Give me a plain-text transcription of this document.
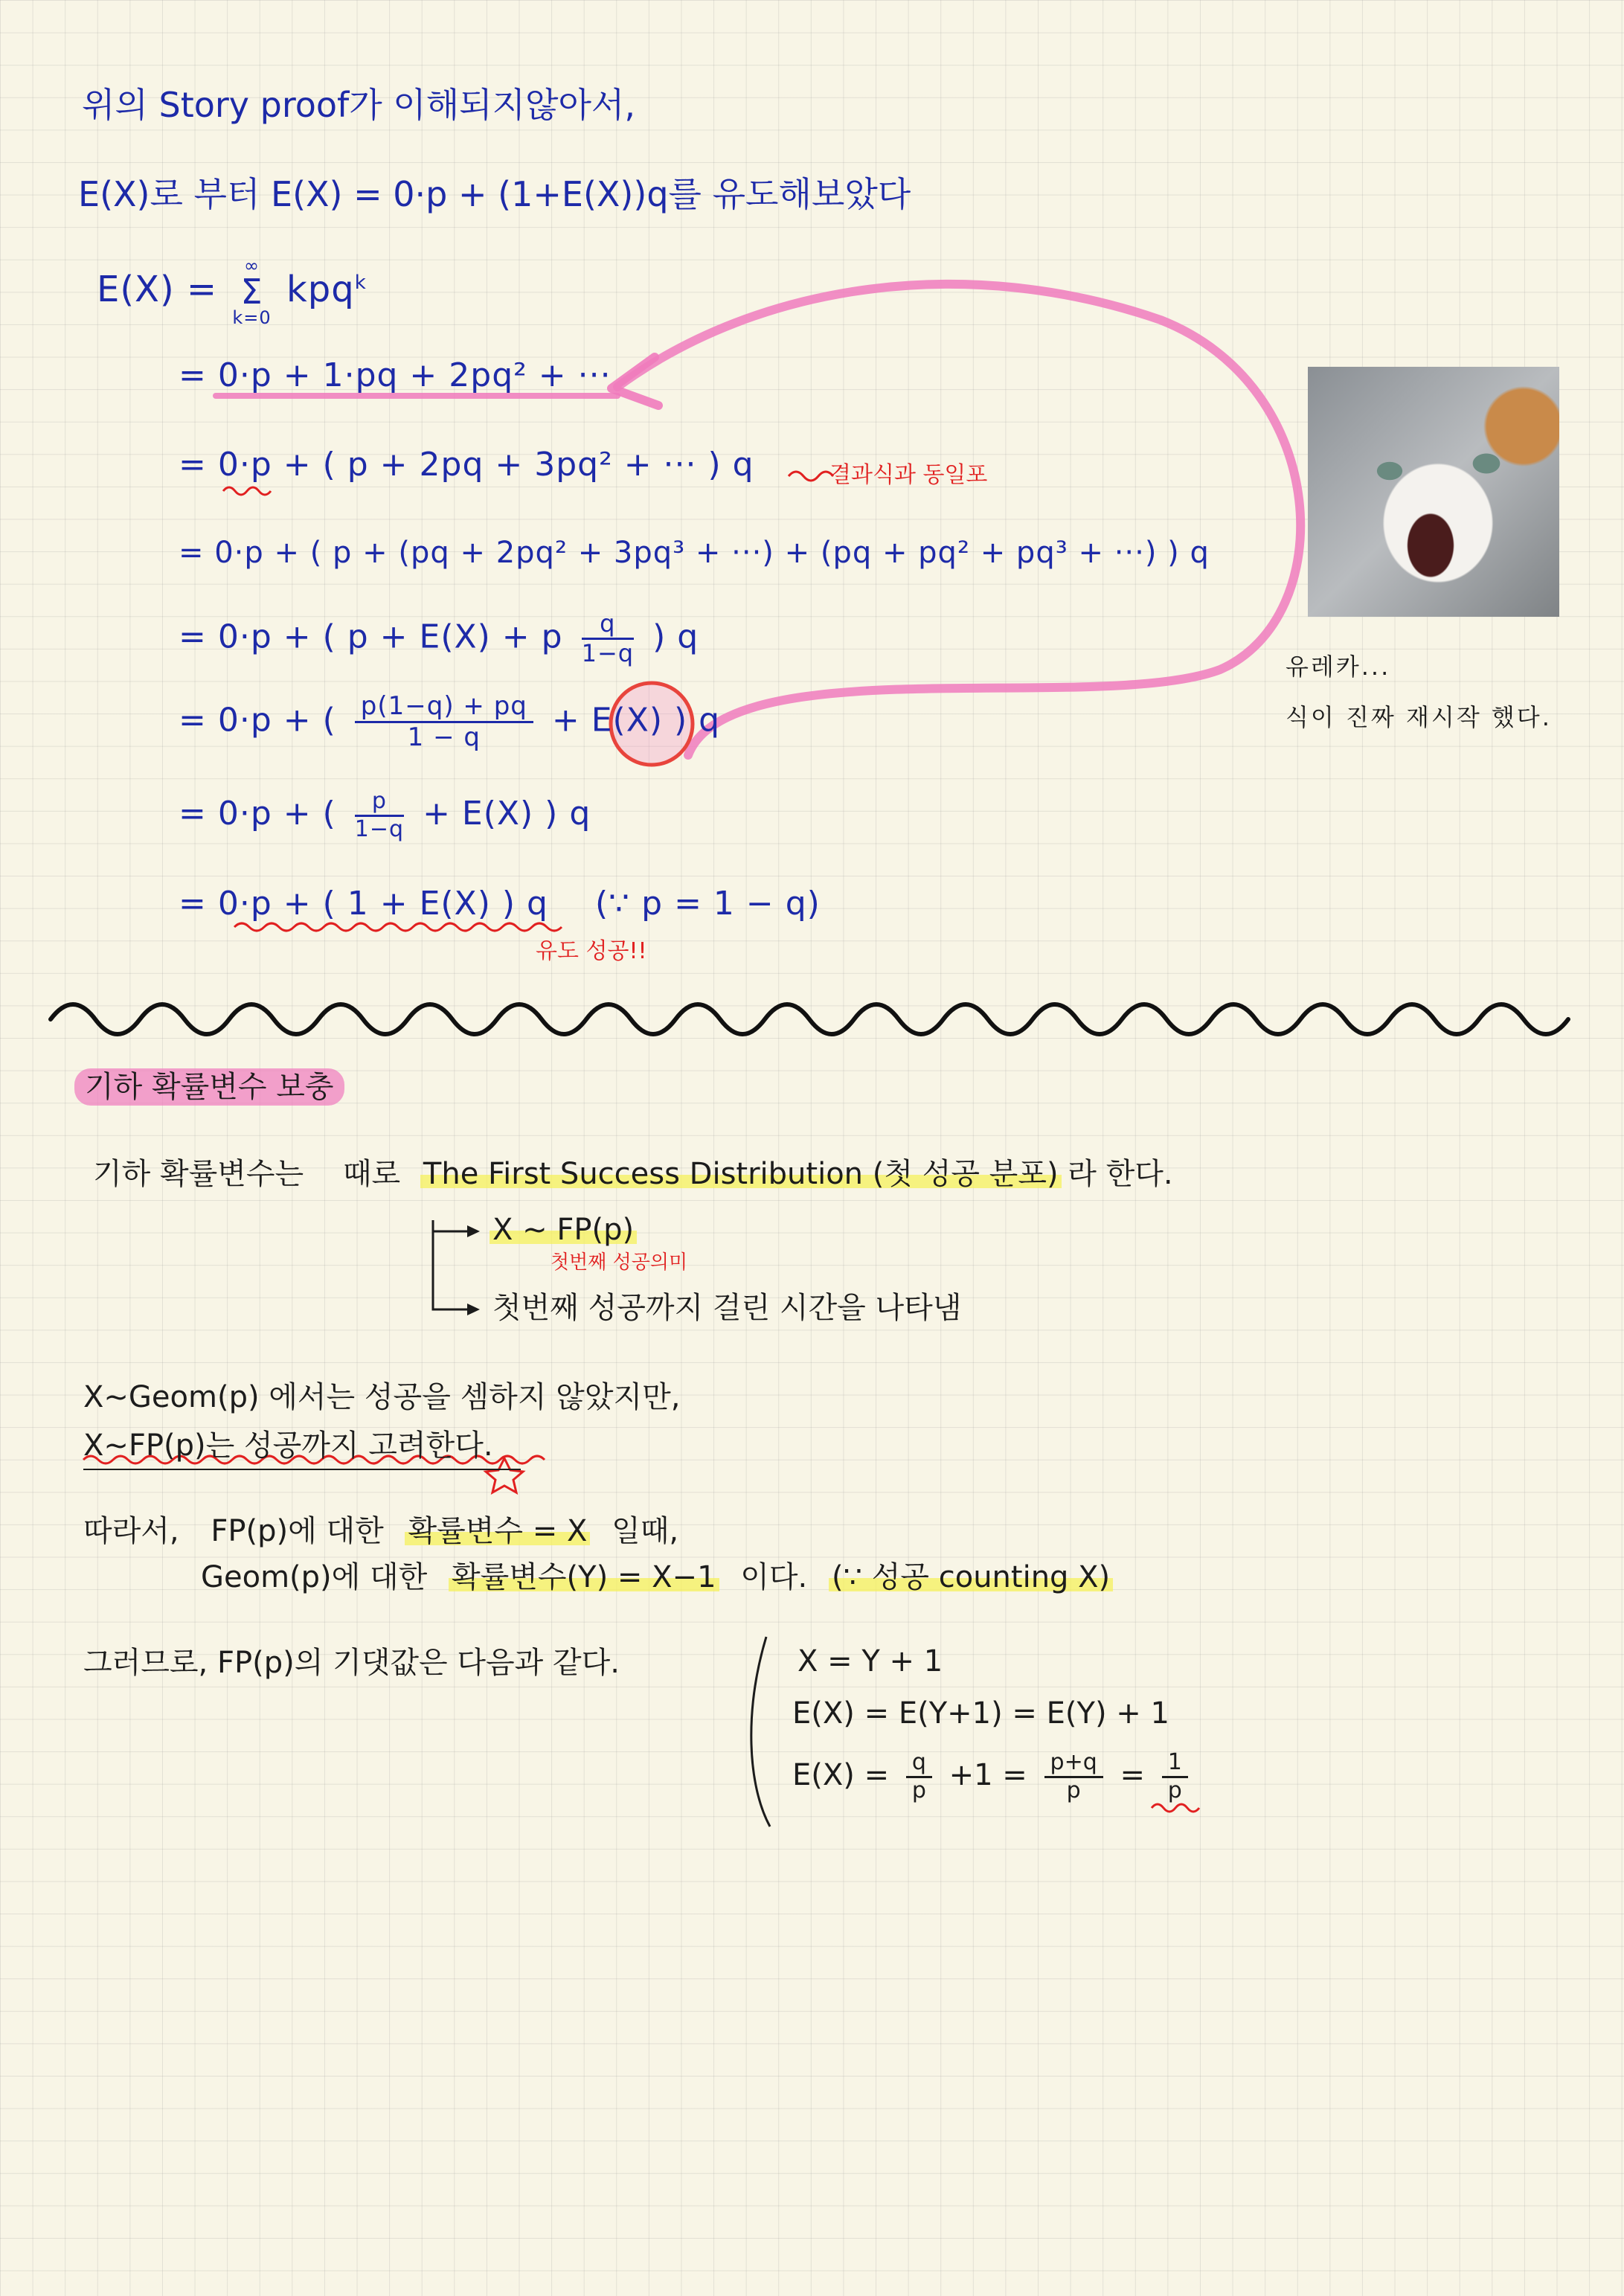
위의 Story proof가 이해되지않아서,
E(X)로 부터 E(X) = 0·p + (1+E(X))q를 유도해보았다
E(X) =
∞
Σ
k=0
kpq$^k$
= 0·p + 1·pq + 2pq² + ···
= 0·p + ( p + 2pq + 3pq² + ··· ) q	결과식과 동일포
= 0·p + ( p + (pq + 2pq² + 3pq³ + ···) + (pq + pq² + pq³ + ···) ) q
= 0·p + ( p + E(X) + p $\frac{q}{1-q}$ ) q
= 0·p + ( $\frac{p(1-q) + pq}{1 - q} + E(X)$ ) q
= 0·p + ( $\frac{p}{1-q} + E(X)$ ) q
= 0·p + ( 1 + E(X) ) q (∵ p = 1 − q)
유도 성공!!
유레카...
식이 진짜 재시작 했다.
기하 확률변수 보충
기하 확률변수는 때로 The First Success Distribution (첫 성공 분포) 라 한다.
X ~ FP(p)
첫번째 성공의미
첫번째 성공까지 걸린 시간을 나타냄
X~Geom(p) 에서는 성공을 셈하지 않았지만,
X~FP(p)는 성공까지 고려한다.
따라서, FP(p)에 대한 확률변수 = X 일때,
Geom(p)에 대한 확률변수(Y) = X−1 이다. (∵ 성공 counting X)
그러므로, FP(p)의 기댓값은 다음과 같다.	X = Y + 1
E(X) = E(Y+1) = E(Y) + 1
$E(X) = \frac{q}{p} +1 = \frac{p+q}{p} = \frac{1}{p}$
